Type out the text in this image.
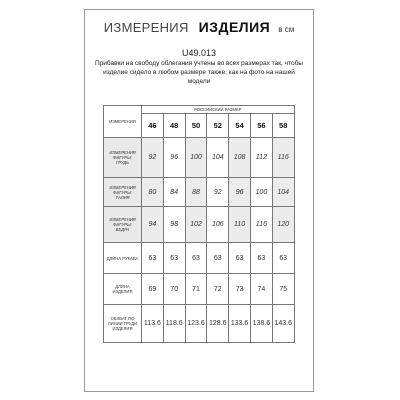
ИЗМЕРЕНИЯ ИЗДЕЛИЯ в см
U49.013
Прибавки на свободу облегания учтены во всех размерах так, чтобы изделие сидело в любом размере также, как на фото на нашей модели
ИЗМЕРЕНИЯ	РОССИЙСКИЙ РАЗМЕР						
	46	48	50	52	54	56	58
ИЗМЕРЕНИЯ ФИГУРЫ: ГРУДЬ	92	96	100	104	108	112	116
ИЗМЕРЕНИЯ ФИГУРЫ: ТАЛИЯ	80	84	88	92	96	100	104
ИЗМЕРЕНИЯ ФИГУРЫ: БЕДРА	94	98	102	106	110	116	120
ДЛИНА РУКАВА	63	63	63	63	63	63	63
ДЛИНА ИЗДЕЛИЯ	69	70	71	72	73	74	75
ОБХВАТ ПО ЛИНИИ ГРУДИ ИЗДЕЛИЯ	113.6	118.6	123.6	128.6	133.6	138.6	143.6
